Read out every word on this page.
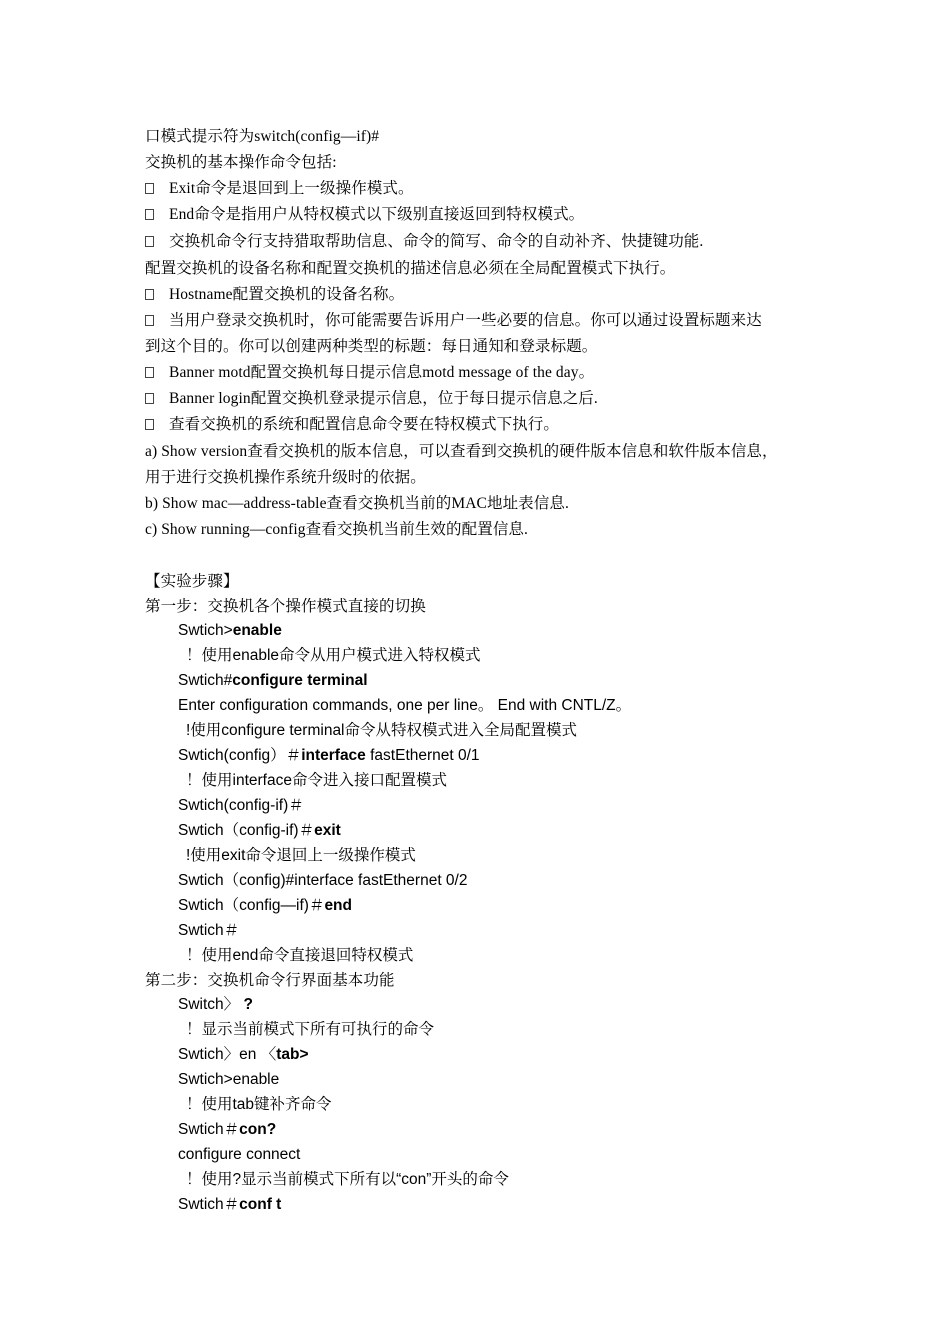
口模式提示符为switch(config—if)#
交换机的基本操作命令包括:
Exit命令是退回到上一级操作模式。
End命令是指用户从特权模式以下级别直接返回到特权模式。
交换机命令行支持猎取帮助信息、命令的简写、命令的自动补齐、快捷键功能.
配置交换机的设备名称和配置交换机的描述信息必须在全局配置模式下执行。
Hostname配置交换机的设备名称。
当用户登录交换机时，你可能需要告诉用户一些必要的信息。你可以通过设置标题来达
到这个目的。你可以创建两种类型的标题：每日通知和登录标题。
Banner motd配置交换机每日提示信息motd message of the day。
Banner login配置交换机登录提示信息，位于每日提示信息之后.
查看交换机的系统和配置信息命令要在特权模式下执行。
a) Show version查看交换机的版本信息，可以查看到交换机的硬件版本信息和软件版本信息，
用于进行交换机操作系统升级时的依据。
b) Show mac—address-table查看交换机当前的MAC地址表信息.
c) Show running—config查看交换机当前生效的配置信息.
【实验步骤】
第一步：交换机各个操作模式直接的切换
Swtich>enable
！使用enable命令从用户模式进入特权模式
Swtich#configure terminal
Enter configuration commands, one per line。 End with CNTL/Z。
!使用configure terminal命令从特权模式进入全局配置模式
Swtich(config）＃interface fastEthernet 0/1
！使用interface命令进入接口配置模式
Swtich(config-if)＃
Swtich（config-if)＃exit
!使用exit命令退回上一级操作模式
Swtich（config)#interface fastEthernet 0/2
Swtich（config—if)＃end
Swtich＃
！使用end命令直接退回特权模式
第二步：交换机命令行界面基本功能
Switch〉 ?
！显示当前模式下所有可执行的命令
Swtich〉en 〈tab>
Swtich>enable
！使用tab键补齐命令
Swtich＃con?
configure connect
！使用?显示当前模式下所有以“con”开头的命令
Swtich＃conf t
